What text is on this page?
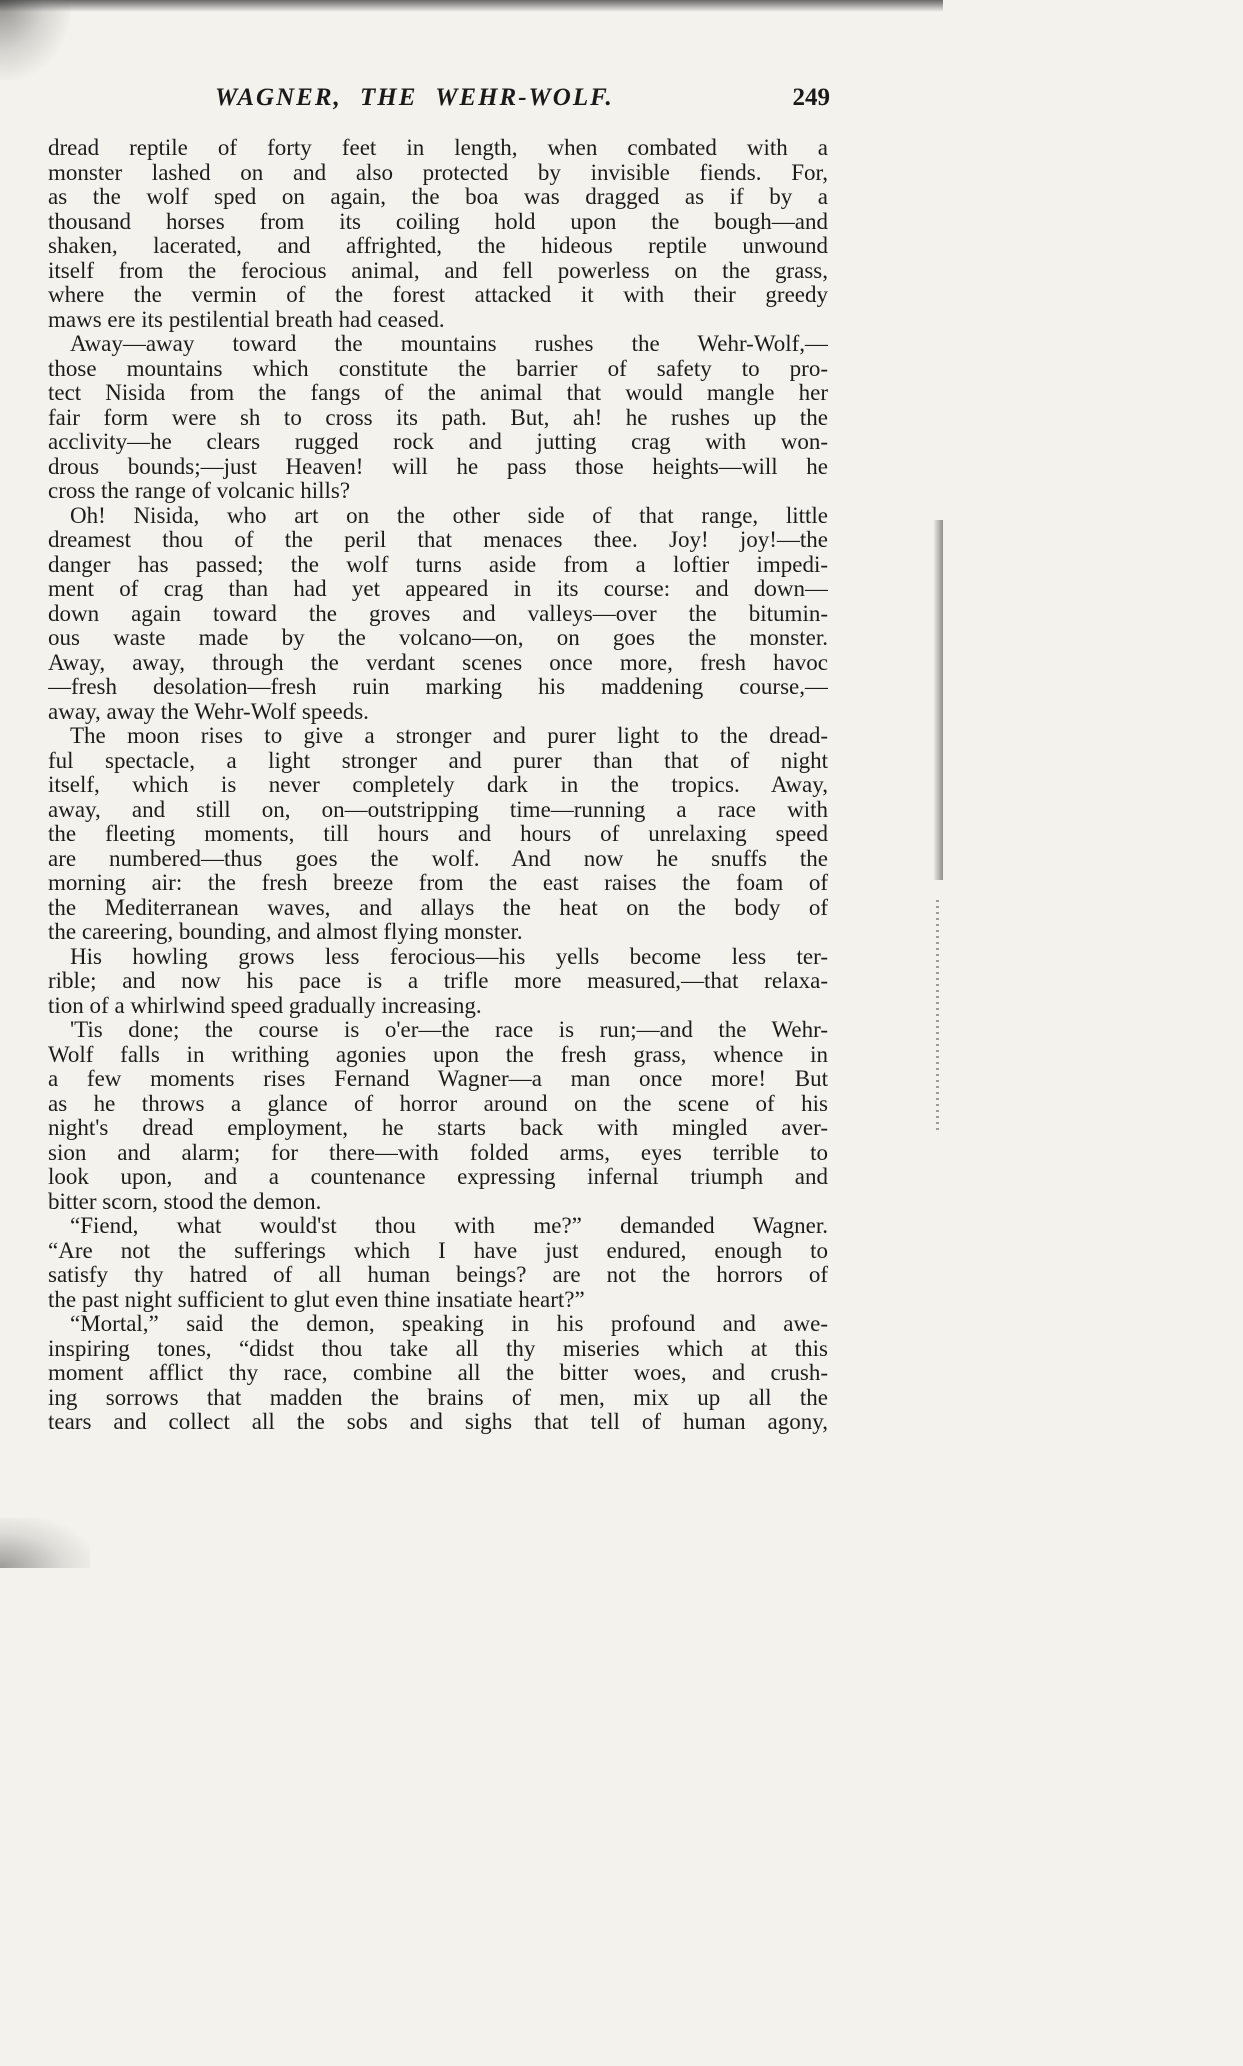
WAGNER, THE WEHR-WOLF.	249
dread reptile of forty feet in length, when combated with a
monster lashed on and also protected by invisible fiends. For,
as the wolf sped on again, the boa was dragged as if by a
thousand horses from its coiling hold upon the bough—and
shaken, lacerated, and affrighted, the hideous reptile unwound
itself from the ferocious animal, and fell powerless on the grass,
where the vermin of the forest attacked it with their greedy
maws ere its pestilential breath had ceased.
Away—away toward the mountains rushes the Wehr-Wolf,—
those mountains which constitute the barrier of safety to pro-
tect Nisida from the fangs of the animal that would mangle her
fair form were sh to cross its path. But, ah! he rushes up the
acclivity—he clears rugged rock and jutting crag with won-
drous bounds;—just Heaven! will he pass those heights—will he
cross the range of volcanic hills?
Oh! Nisida, who art on the other side of that range, little
dreamest thou of the peril that menaces thee. Joy! joy!—the
danger has passed; the wolf turns aside from a loftier impedi-
ment of crag than had yet appeared in its course: and down—
down again toward the groves and valleys—over the bitumin-
ous waste made by the volcano—on, on goes the monster.
Away, away, through the verdant scenes once more, fresh havoc
—fresh desolation—fresh ruin marking his maddening course,—
away, away the Wehr-Wolf speeds.
The moon rises to give a stronger and purer light to the dread-
ful spectacle, a light stronger and purer than that of night
itself, which is never completely dark in the tropics. Away,
away, and still on, on—outstripping time—running a race with
the fleeting moments, till hours and hours of unrelaxing speed
are numbered—thus goes the wolf. And now he snuffs the
morning air: the fresh breeze from the east raises the foam of
the Mediterranean waves, and allays the heat on the body of
the careering, bounding, and almost flying monster.
His howling grows less ferocious—his yells become less ter-
rible; and now his pace is a trifle more measured,—that relaxa-
tion of a whirlwind speed gradually increasing.
'Tis done; the course is o'er—the race is run;—and the Wehr-
Wolf falls in writhing agonies upon the fresh grass, whence in
a few moments rises Fernand Wagner—a man once more! But
as he throws a glance of horror around on the scene of his
night's dread employment, he starts back with mingled aver-
sion and alarm; for there—with folded arms, eyes terrible to
look upon, and a countenance expressing infernal triumph and
bitter scorn, stood the demon.
“Fiend, what would'st thou with me?” demanded Wagner.
“Are not the sufferings which I have just endured, enough to
satisfy thy hatred of all human beings? are not the horrors of
the past night sufficient to glut even thine insatiate heart?”
“Mortal,” said the demon, speaking in his profound and awe-
inspiring tones, “didst thou take all thy miseries which at this
moment afflict thy race, combine all the bitter woes, and crush-
ing sorrows that madden the brains of men, mix up all the
tears and collect all the sobs and sighs that tell of human agony,
